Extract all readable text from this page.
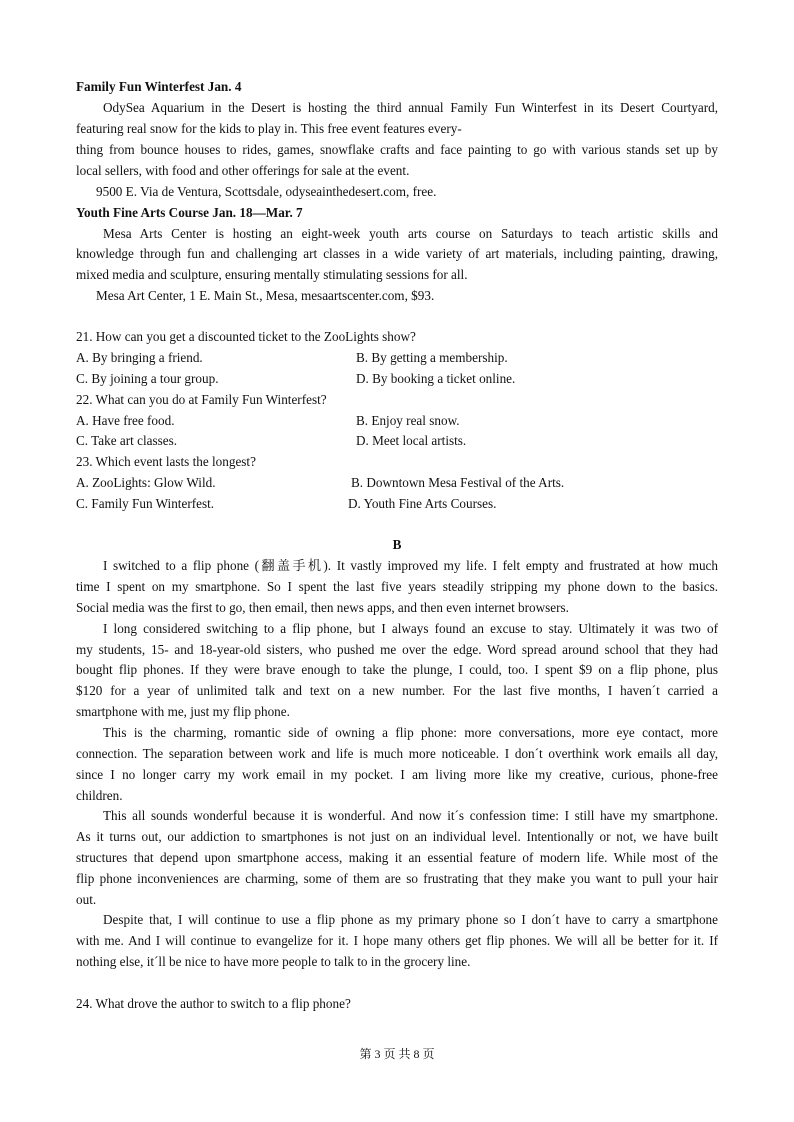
Family Fun Winterfest Jan. 4
OdySea Aquarium in the Desert is hosting the third annual Family Fun Winterfest in its Desert Courtyard,
featuring real snow for the kids to play in. This free event features every-
thing from bounce houses to rides, games, snowflake crafts and face painting to go with various stands set up by
local sellers, with food and other offerings for sale at the event.
9500 E. Via de Ventura, Scottsdale, odyseainthedesert.com, free.
Youth Fine Arts Course Jan. 18—Mar. 7
Mesa Arts Center is hosting an eight-week youth arts course on Saturdays to teach artistic skills and
knowledge through fun and challenging art classes in a wide variety of art materials, including painting, drawing,
mixed media and sculpture, ensuring mentally stimulating sessions for all.
Mesa Art Center, 1 E. Main St., Mesa, mesaartscenter.com, $93.
21. How can you get a discounted ticket to the ZooLights show?
A. By bringing a friend.	B. By getting a membership.
C. By joining a tour group.	D. By booking a ticket online.
22. What can you do at Family Fun Winterfest?
A. Have free food.	B. Enjoy real snow.
C. Take art classes.	D. Meet local artists.
23. Which event lasts the longest?
A. ZooLights: Glow Wild.	B. Downtown Mesa Festival of the Arts.
C. Family Fun Winterfest.	D. Youth Fine Arts Courses.
B
I switched to a flip phone (翻盖手机). It vastly improved my life. I felt empty and frustrated at how much
time I spent on my smartphone. So I spent the last five years steadily stripping my phone down to the basics.
Social media was the first to go, then email, then news apps, and then even internet browsers.
I long considered switching to a flip phone, but I always found an excuse to stay. Ultimately it was two of
my students, 15- and 18-year-old sisters, who pushed me over the edge. Word spread around school that they had
bought flip phones. If they were brave enough to take the plunge, I could, too. I spent $9 on a flip phone, plus
$120 for a year of unlimited talk and text on a new number. For the last five months, I haven´t carried a
smartphone with me, just my flip phone.
This is the charming, romantic side of owning a flip phone: more conversations, more eye contact, more
connection. The separation between work and life is much more noticeable. I don´t overthink work emails all day,
since I no longer carry my work email in my pocket. I am living more like my creative, curious, phone-free
children.
This all sounds wonderful because it is wonderful. And now it´s confession time: I still have my smartphone.
As it turns out, our addiction to smartphones is not just on an individual level. Intentionally or not, we have built
structures that depend upon smartphone access, making it an essential feature of modern life. While most of the
flip phone inconveniences are charming, some of them are so frustrating that they make you want to pull your hair
out.
Despite that, I will continue to use a flip phone as my primary phone so I don´t have to carry a smartphone
with me. And I will continue to evangelize for it. I hope many others get flip phones. We will all be better for it. If
nothing else, it´ll be nice to have more people to talk to in the grocery line.
24. What drove the author to switch to a flip phone?
第 3 页 共 8 页
